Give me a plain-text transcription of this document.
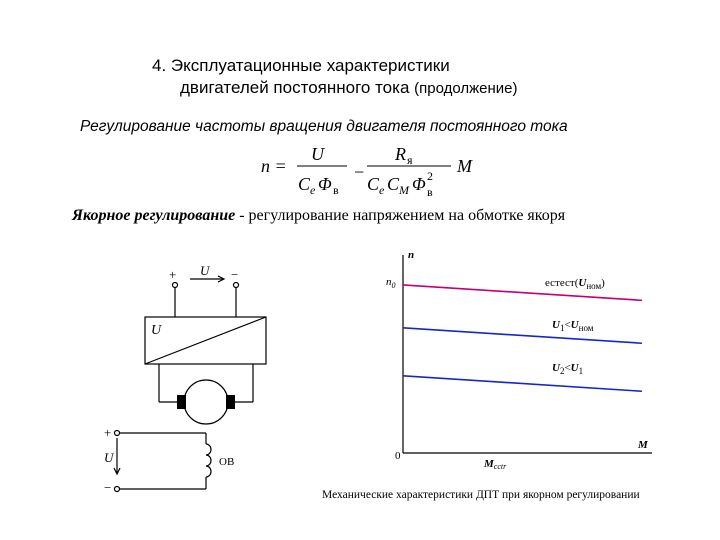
4. Эксплуатационные характеристики
двигателей постоянного тока (продолжение)
Регулирование частоты вращения двигателя постоянного тока
n =
U
C e Φ в
−
R я
C e C M Φ 2
в
M
Якорное регулирование - регулирование напряжением на обмотке якоря
+ U −
U
+
U
−
ОВ
n
$n_0$
0
M
Mсctr
$естест(U_{ном})$
$U_1<U_{ном}$
$U_2<U_1$
Механические характеристики ДПТ при якорном регулировании
